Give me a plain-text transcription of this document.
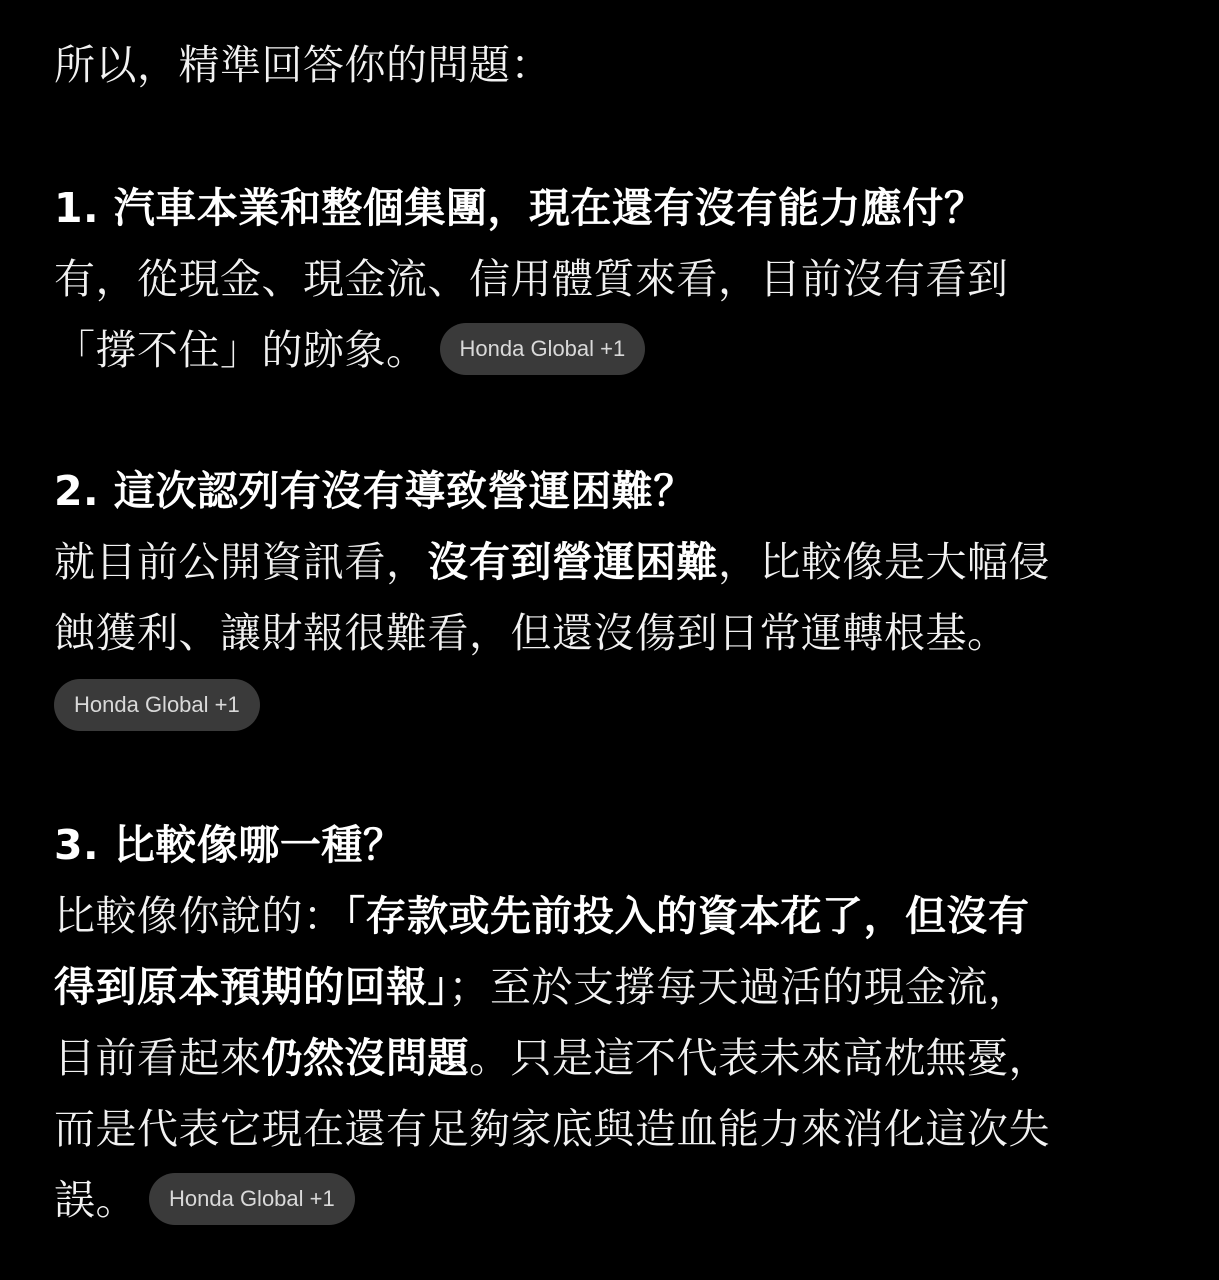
所以，精準回答你的問題：
1. 汽車本業和整個集團，現在還有沒有能力應付？
有，從現金、現金流、信用體質來看，目前沒有看到
「撐不住」的跡象。 Honda Global +1
2. 這次認列有沒有導致營運困難？
就目前公開資訊看，沒有到營運困難，比較像是大幅侵
蝕獲利、讓財報很難看，但還沒傷到日常運轉根基。
Honda Global +1
3. 比較像哪一種？
比較像你說的：「存款或先前投入的資本花了，但沒有
得到原本預期的回報」；至於支撐每天過活的現金流，
目前看起來仍然沒問題。只是這不代表未來高枕無憂，
而是代表它現在還有足夠家底與造血能力來消化這次失
誤。 Honda Global +1
